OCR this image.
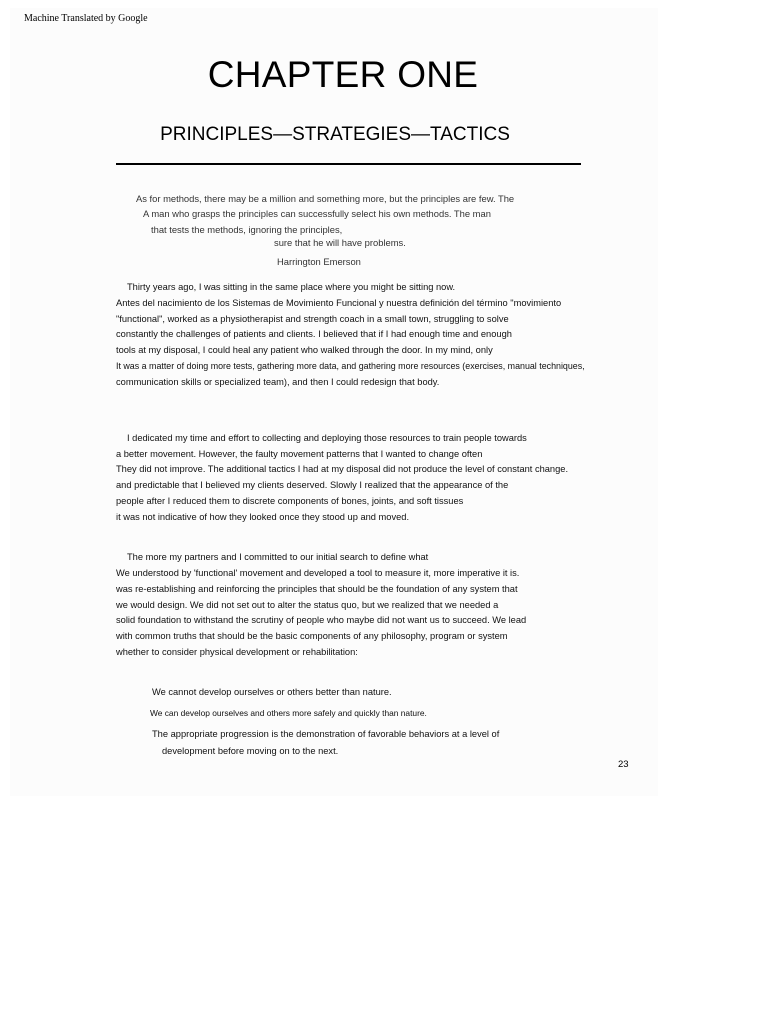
Machine Translated by Google
CHAPTER ONE
PRINCIPLES—STRATEGIES—TACTICS
As for methods, there may be a million and something more, but the principles are few. The
A man who grasps the principles can successfully select his own methods. The man
that tests the methods, ignoring the principles,
sure that he will have problems.
Harrington Emerson
Thirty years ago, I was sitting in the same place where you might be sitting now.
Antes del nacimiento de los Sistemas de Movimiento Funcional y nuestra definición del término "movimiento
"functional", worked as a physiotherapist and strength coach in a small town, struggling to solve
constantly the challenges of patients and clients. I believed that if I had enough time and enough
tools at my disposal, I could heal any patient who walked through the door. In my mind, only
It was a matter of doing more tests, gathering more data, and gathering more resources (exercises, manual techniques,
communication skills or specialized team), and then I could redesign that body.
I dedicated my time and effort to collecting and deploying those resources to train people towards
a better movement. However, the faulty movement patterns that I wanted to change often
They did not improve. The additional tactics I had at my disposal did not produce the level of constant change.
and predictable that I believed my clients deserved. Slowly I realized that the appearance of the
people after I reduced them to discrete components of bones, joints, and soft tissues
it was not indicative of how they looked once they stood up and moved.
The more my partners and I committed to our initial search to define what
We understood by 'functional' movement and developed a tool to measure it, more imperative it is.
was re-establishing and reinforcing the principles that should be the foundation of any system that
we would design. We did not set out to alter the status quo, but we realized that we needed a
solid foundation to withstand the scrutiny of people who maybe did not want us to succeed. We lead
with common truths that should be the basic components of any philosophy, program or system
whether to consider physical development or rehabilitation:
We cannot develop ourselves or others better than nature.
We can develop ourselves and others more safely and quickly than nature.
The appropriate progression is the demonstration of favorable behaviors at a level of
development before moving on to the next.
23
